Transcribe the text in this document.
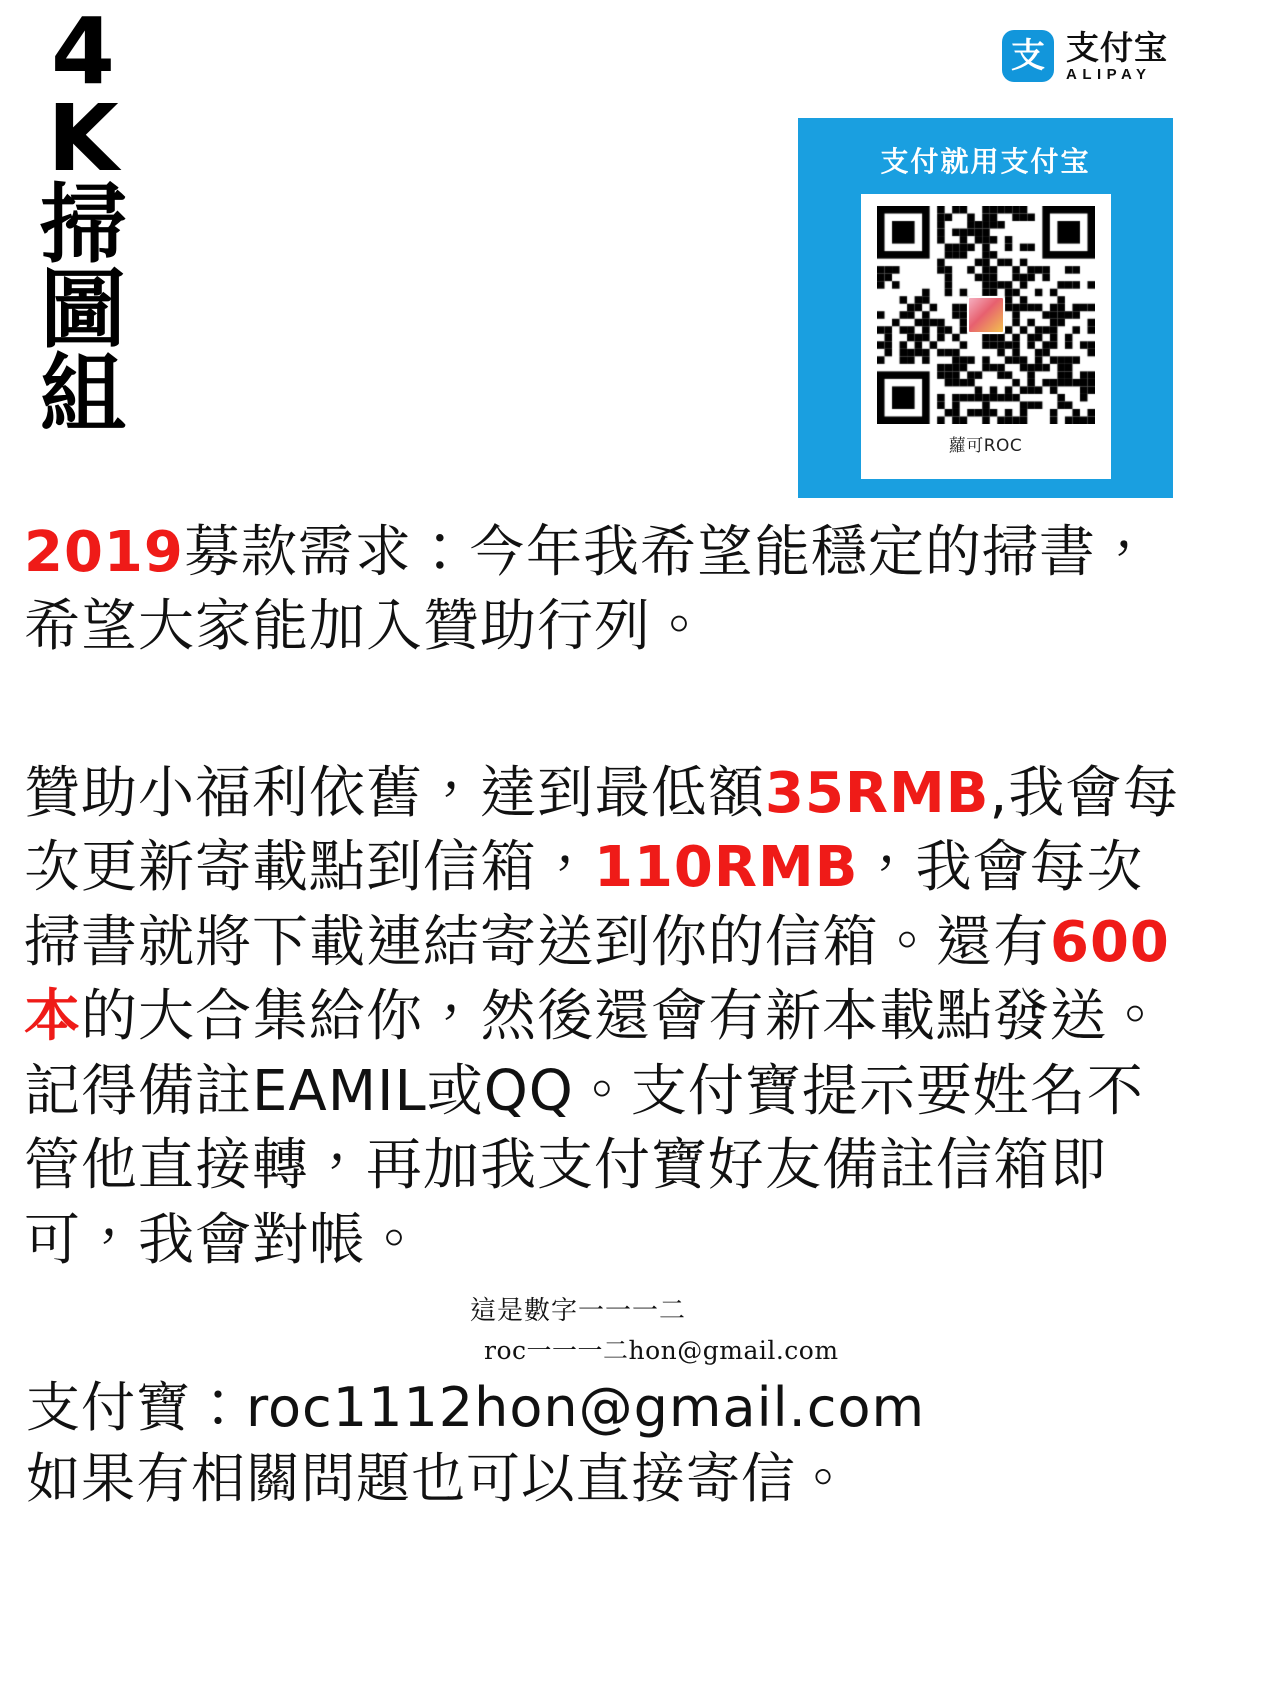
4
K
掃
圖
組
支 支付宝
ALIPAY
支付就用支付宝
蘿可ROC

2019募款需求：今年我希望能穩定的掃書，希望大家能加入贊助行列。

贊助小福利依舊，達到最低額35RMB,我會每次更新寄載點到信箱，110RMB，我會每次掃書就將下載連結寄送到你的信箱。還有600本的大合集給你，然後還會有新本載點發送。記得備註EAMIL或QQ。支付寶提示要姓名不管他直接轉，再加我支付寶好友備註信箱即可，我會對帳。

這是數字一一一二
roc一一一二hon@gmail.com
支付寶：roc1112hon@gmail.com
如果有相關問題也可以直接寄信。
